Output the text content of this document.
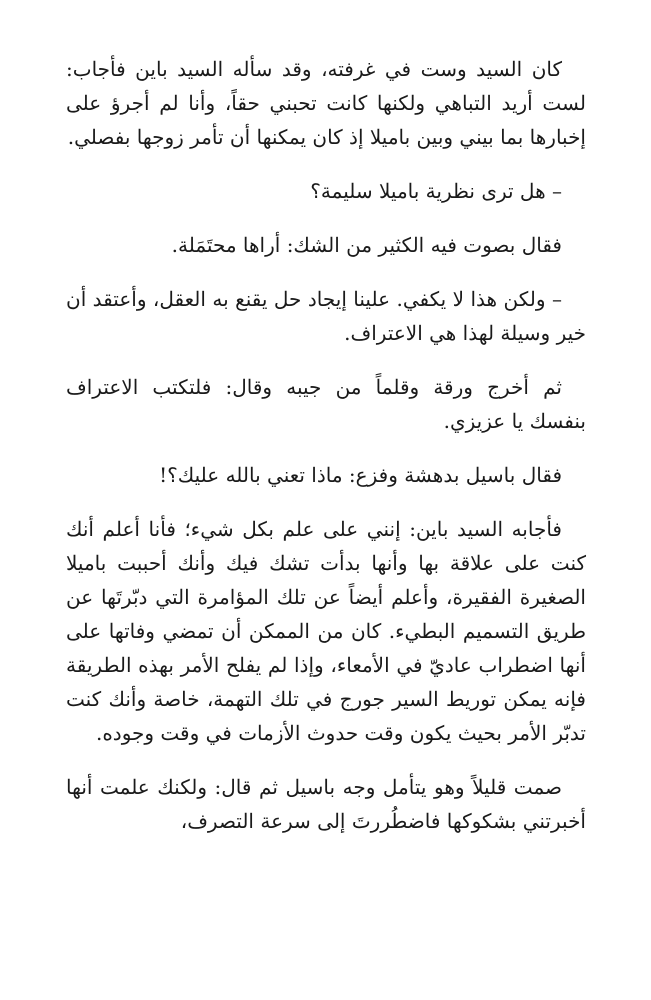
كان السيد وست في غرفته، وقد سأله السيد باين فأجاب: لست أريد التباهي ولكنها كانت تحبني حقاً، وأنا لم أجرؤ على إخبارها بما بيني وبين باميلا إذ كان يمكنها أن تأمر زوجها بفصلي.

– هل ترى نظرية باميلا سليمة؟

فقال بصوت فيه الكثير من الشك: أراها محتَمَلة.

– ولكن هذا لا يكفي. علينا إيجاد حل يقنع به العقل، وأعتقد أن خير وسيلة لهذا هي الاعتراف.

ثم أخرج ورقة وقلماً من جيبه وقال: فلتكتب الاعتراف بنفسك يا عزيزي.

فقال باسيل بدهشة وفزع: ماذا تعني بالله عليك؟!

فأجابه السيد باين: إنني على علم بكل شيء؛ فأنا أعلم أنك كنت على علاقة بها وأنها بدأت تشك فيك وأنك أحببت باميلا الصغيرة الفقيرة، وأعلم أيضاً عن تلك المؤامرة التي دبّرتَها عن طريق التسميم البطيء. كان من الممكن أن تمضي وفاتها على أنها اضطراب عاديّ في الأمعاء، وإذا لم يفلح الأمر بهذه الطريقة فإنه يمكن توريط السير جورج في تلك التهمة، خاصة وأنك كنت تدبّر الأمر بحيث يكون وقت حدوث الأزمات في وقت وجوده.

صمت قليلاً وهو يتأمل وجه باسيل ثم قال: ولكنك علمت أنها أخبرتني بشكوكها فاضطُررتَ إلى سرعة التصرف،
